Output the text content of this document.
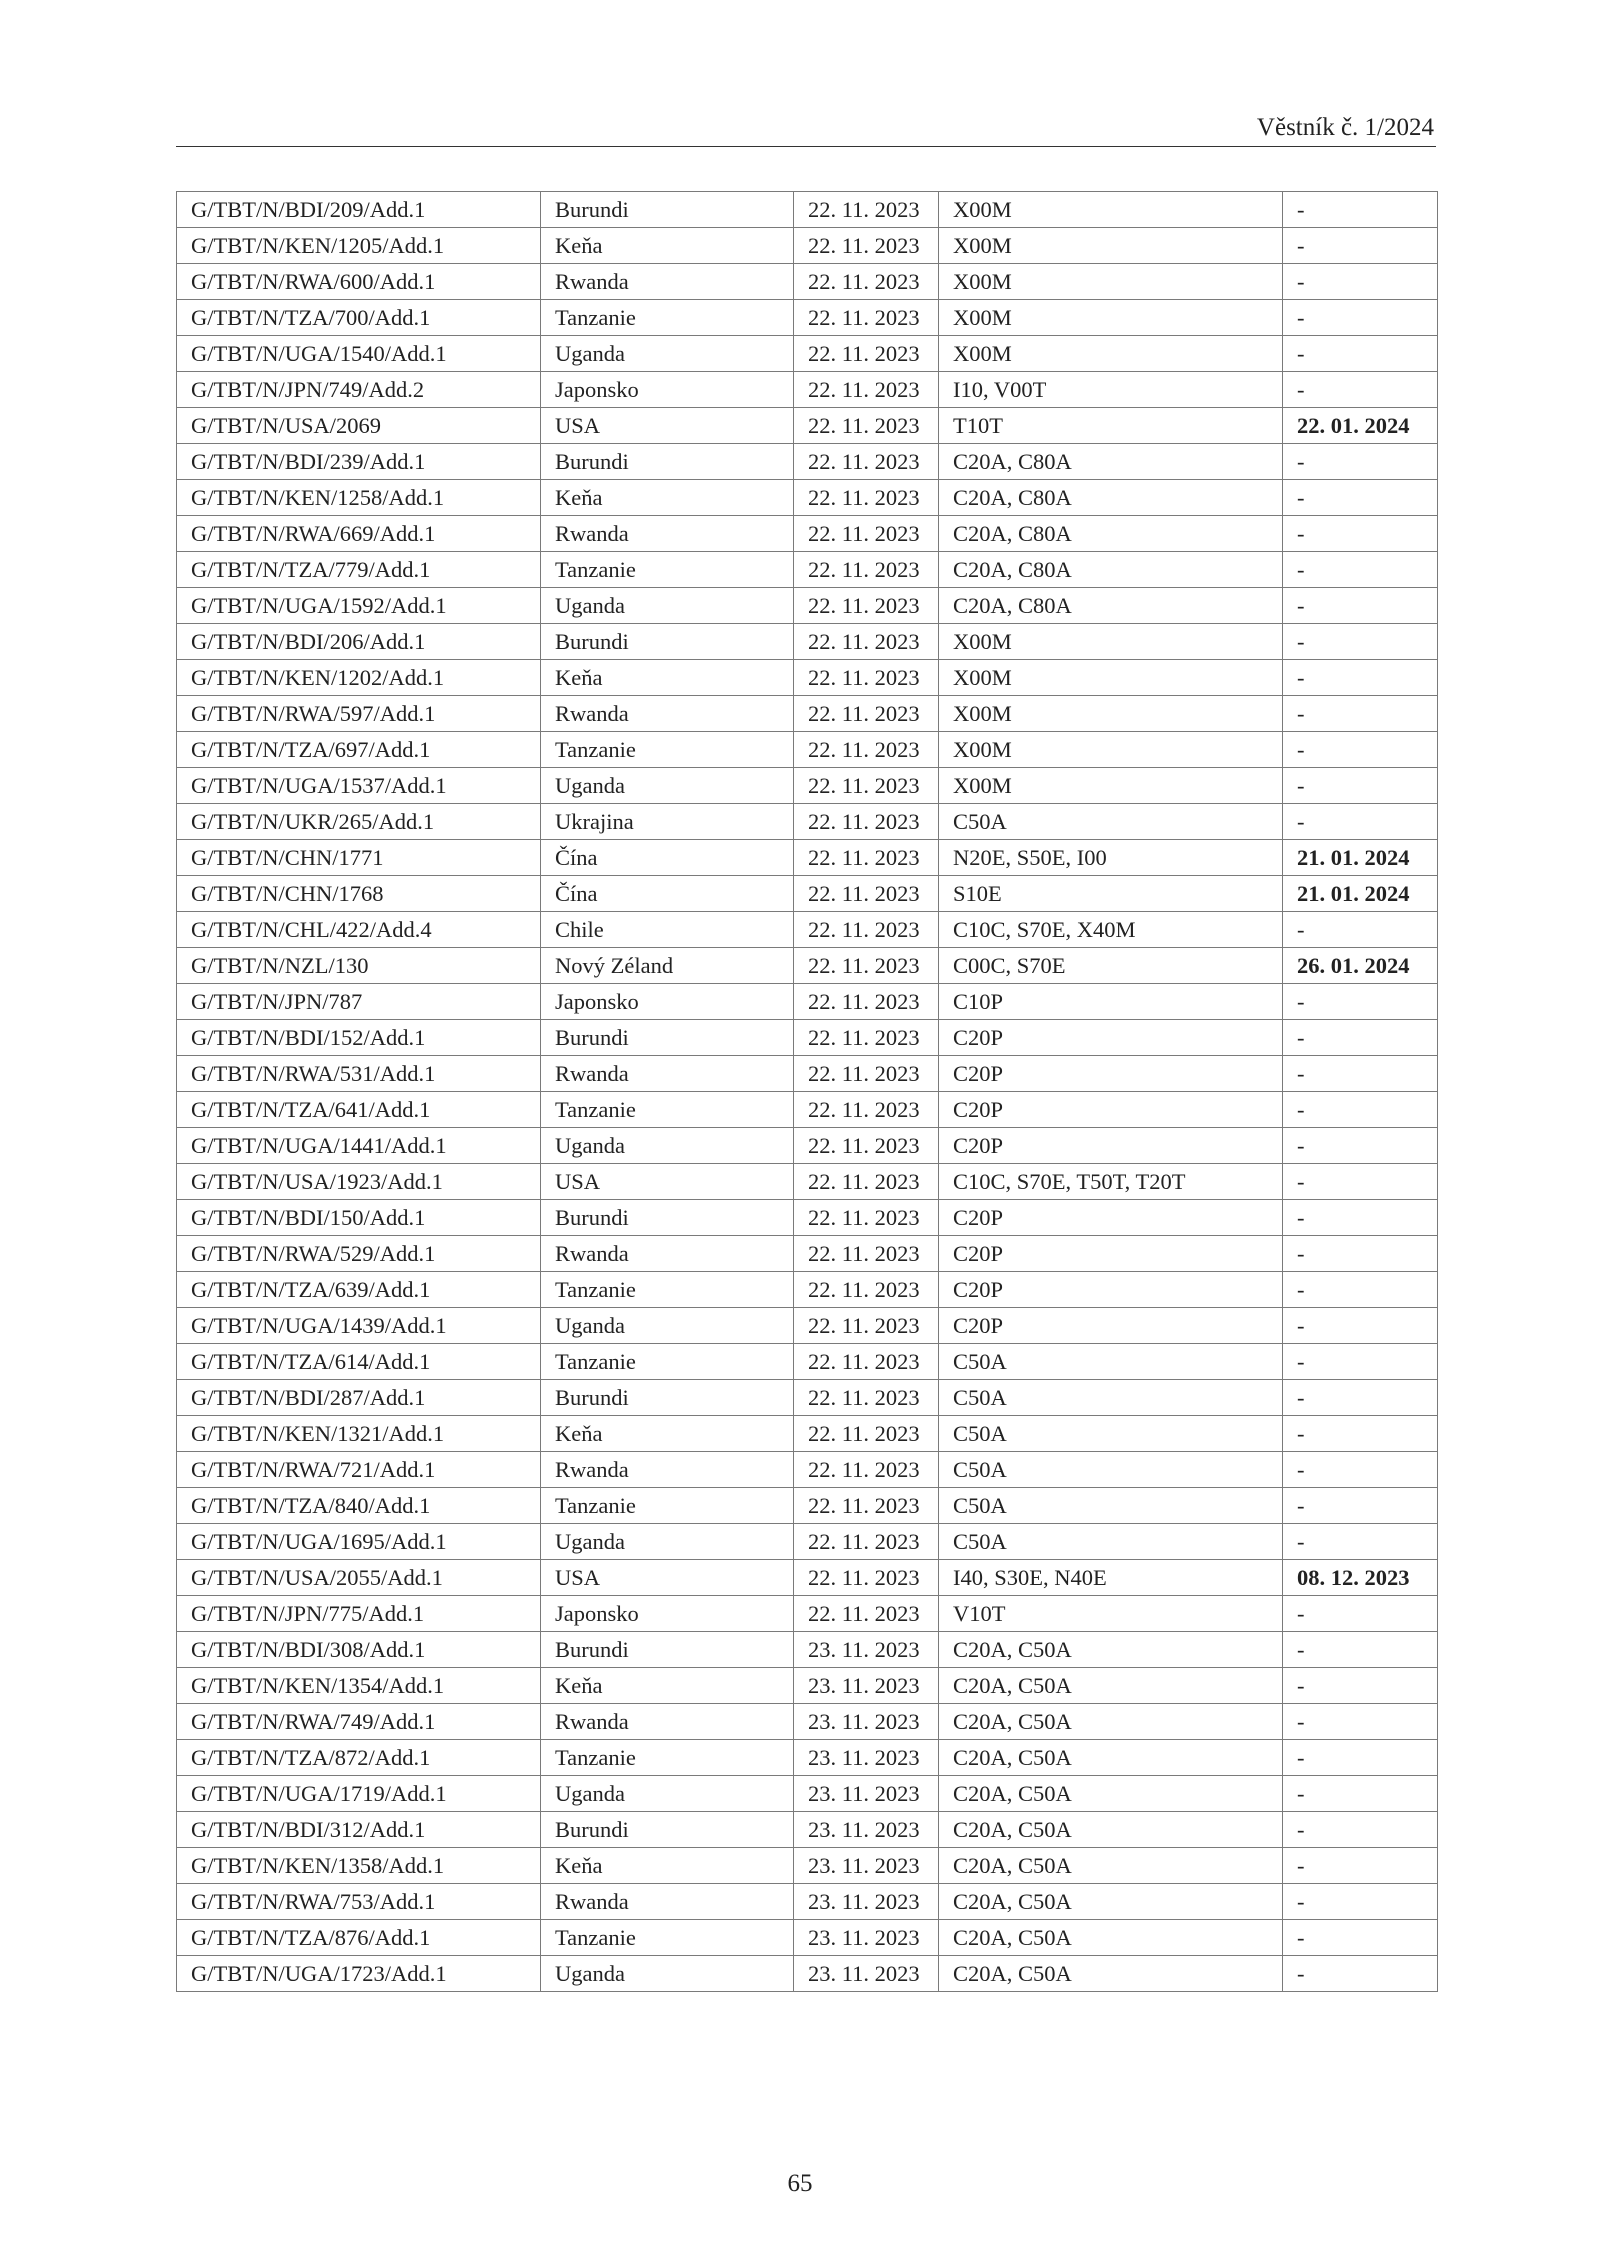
Věstník č. 1/2024
G/TBT/N/BDI/209/Add.1	Burundi	22. 11. 2023	X00M	-
G/TBT/N/KEN/1205/Add.1	Keňa	22. 11. 2023	X00M	-
G/TBT/N/RWA/600/Add.1	Rwanda	22. 11. 2023	X00M	-
G/TBT/N/TZA/700/Add.1	Tanzanie	22. 11. 2023	X00M	-
G/TBT/N/UGA/1540/Add.1	Uganda	22. 11. 2023	X00M	-
G/TBT/N/JPN/749/Add.2	Japonsko	22. 11. 2023	I10, V00T	-
G/TBT/N/USA/2069	USA	22. 11. 2023	T10T	22. 01. 2024
G/TBT/N/BDI/239/Add.1	Burundi	22. 11. 2023	C20A, C80A	-
G/TBT/N/KEN/1258/Add.1	Keňa	22. 11. 2023	C20A, C80A	-
G/TBT/N/RWA/669/Add.1	Rwanda	22. 11. 2023	C20A, C80A	-
G/TBT/N/TZA/779/Add.1	Tanzanie	22. 11. 2023	C20A, C80A	-
G/TBT/N/UGA/1592/Add.1	Uganda	22. 11. 2023	C20A, C80A	-
G/TBT/N/BDI/206/Add.1	Burundi	22. 11. 2023	X00M	-
G/TBT/N/KEN/1202/Add.1	Keňa	22. 11. 2023	X00M	-
G/TBT/N/RWA/597/Add.1	Rwanda	22. 11. 2023	X00M	-
G/TBT/N/TZA/697/Add.1	Tanzanie	22. 11. 2023	X00M	-
G/TBT/N/UGA/1537/Add.1	Uganda	22. 11. 2023	X00M	-
G/TBT/N/UKR/265/Add.1	Ukrajina	22. 11. 2023	C50A	-
G/TBT/N/CHN/1771	Čína	22. 11. 2023	N20E, S50E, I00	21. 01. 2024
G/TBT/N/CHN/1768	Čína	22. 11. 2023	S10E	21. 01. 2024
G/TBT/N/CHL/422/Add.4	Chile	22. 11. 2023	C10C, S70E, X40M	-
G/TBT/N/NZL/130	Nový Zéland	22. 11. 2023	C00C, S70E	26. 01. 2024
G/TBT/N/JPN/787	Japonsko	22. 11. 2023	C10P	-
G/TBT/N/BDI/152/Add.1	Burundi	22. 11. 2023	C20P	-
G/TBT/N/RWA/531/Add.1	Rwanda	22. 11. 2023	C20P	-
G/TBT/N/TZA/641/Add.1	Tanzanie	22. 11. 2023	C20P	-
G/TBT/N/UGA/1441/Add.1	Uganda	22. 11. 2023	C20P	-
G/TBT/N/USA/1923/Add.1	USA	22. 11. 2023	C10C, S70E, T50T, T20T	-
G/TBT/N/BDI/150/Add.1	Burundi	22. 11. 2023	C20P	-
G/TBT/N/RWA/529/Add.1	Rwanda	22. 11. 2023	C20P	-
G/TBT/N/TZA/639/Add.1	Tanzanie	22. 11. 2023	C20P	-
G/TBT/N/UGA/1439/Add.1	Uganda	22. 11. 2023	C20P	-
G/TBT/N/TZA/614/Add.1	Tanzanie	22. 11. 2023	C50A	-
G/TBT/N/BDI/287/Add.1	Burundi	22. 11. 2023	C50A	-
G/TBT/N/KEN/1321/Add.1	Keňa	22. 11. 2023	C50A	-
G/TBT/N/RWA/721/Add.1	Rwanda	22. 11. 2023	C50A	-
G/TBT/N/TZA/840/Add.1	Tanzanie	22. 11. 2023	C50A	-
G/TBT/N/UGA/1695/Add.1	Uganda	22. 11. 2023	C50A	-
G/TBT/N/USA/2055/Add.1	USA	22. 11. 2023	I40, S30E, N40E	08. 12. 2023
G/TBT/N/JPN/775/Add.1	Japonsko	22. 11. 2023	V10T	-
G/TBT/N/BDI/308/Add.1	Burundi	23. 11. 2023	C20A, C50A	-
G/TBT/N/KEN/1354/Add.1	Keňa	23. 11. 2023	C20A, C50A	-
G/TBT/N/RWA/749/Add.1	Rwanda	23. 11. 2023	C20A, C50A	-
G/TBT/N/TZA/872/Add.1	Tanzanie	23. 11. 2023	C20A, C50A	-
G/TBT/N/UGA/1719/Add.1	Uganda	23. 11. 2023	C20A, C50A	-
G/TBT/N/BDI/312/Add.1	Burundi	23. 11. 2023	C20A, C50A	-
G/TBT/N/KEN/1358/Add.1	Keňa	23. 11. 2023	C20A, C50A	-
G/TBT/N/RWA/753/Add.1	Rwanda	23. 11. 2023	C20A, C50A	-
G/TBT/N/TZA/876/Add.1	Tanzanie	23. 11. 2023	C20A, C50A	-
G/TBT/N/UGA/1723/Add.1	Uganda	23. 11. 2023	C20A, C50A	-
65
